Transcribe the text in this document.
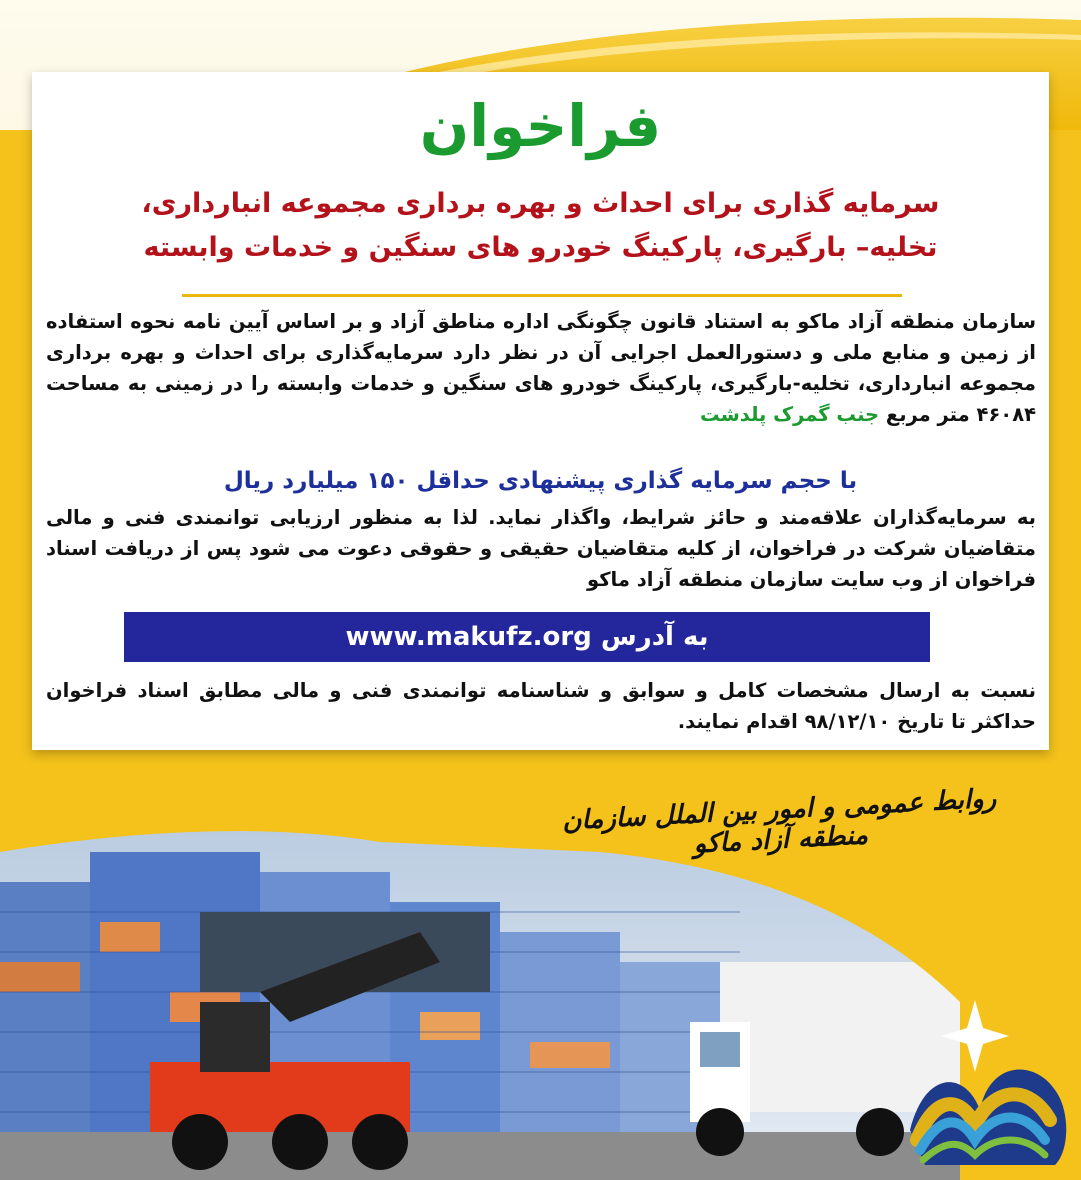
فراخوان
سرمایه گذاری برای احداث و بهره برداری مجموعه انبارداری،
تخلیه– بارگیری، پارکینگ خودرو های سنگین و خدمات وابسته
سازمان منطقه آزاد ماکو به استناد قانون چگونگی اداره مناطق آزاد و بر اساس آیین نامه نحوه استفاده از زمین و منابع ملی و دستورالعمل اجرایی آن در نظر دارد سرمایه‌گذاری برای احداث و بهره برداری مجموعه انبارداری، تخلیه-بارگیری، پارکینگ خودرو های سنگین و خدمات وابسته را در زمینی به مساحت ۴۶۰۸۴ متر مربع جنب گمرک پلدشت
با حجم سرمایه گذاری پیشنهادی حداقل ۱۵۰ میلیارد ریال
به سرمایه‌گذاران علاقه‌مند و حائز شرایط، واگذار نماید. لذا به منظور ارزیابی توانمندی فنی و مالی متقاضیان شرکت در فراخوان، از کلیه متقاضیان حقیقی و حقوقی دعوت می شود پس از دریافت اسناد فراخوان از وب سایت سازمان منطقه آزاد ماکو
به آدرس www.makufz.org
نسبت به ارسال مشخصات کامل و سوابق و شناسنامه توانمندی فنی و مالی مطابق اسناد فراخوان حداکثر تا تاریخ ۹۸/۱۲/۱۰ اقدام نمایند.
روابط عمومی و امور بین الملل سازمان منطقه آزاد ماکو
